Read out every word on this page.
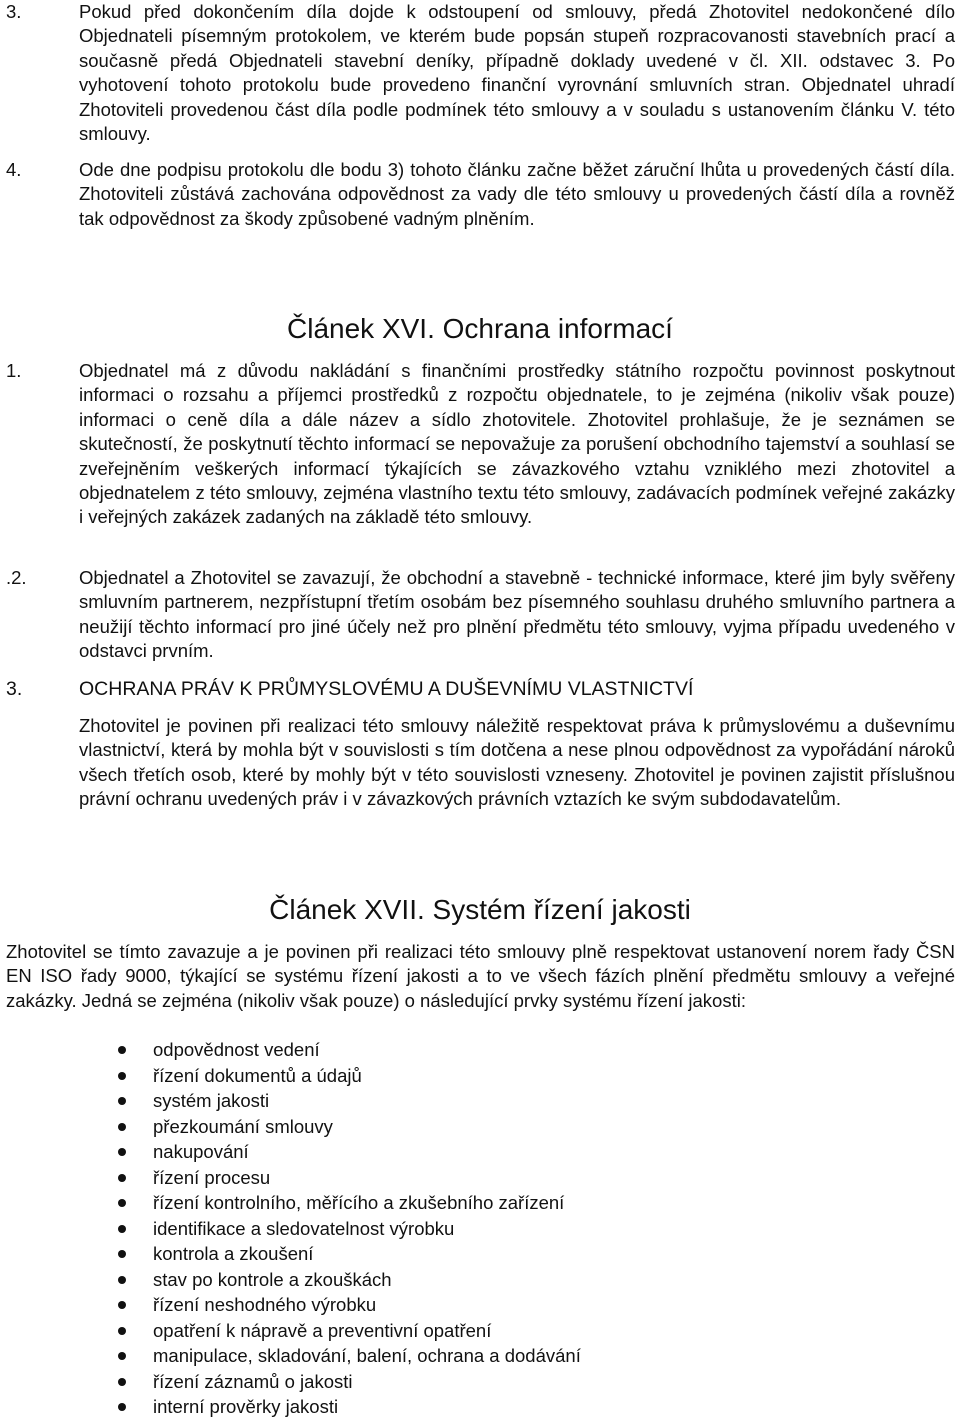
3.	Pokud před dokončením díla dojde k odstoupení od smlouvy, předá Zhotovitel nedokončené dílo Objednateli písemným protokolem, ve kterém bude popsán stupeň rozpracovanosti stavebních prací a současně předá Objednateli stavební deníky, případně doklady uvedené v čl. XII. odstavec 3. Po vyhotovení tohoto protokolu bude provedeno finanční vyrovnání smluvních stran. Objednatel uhradí Zhotoviteli provedenou část díla podle podmínek této smlouvy a v souladu s ustanovením článku V. této smlouvy.
4.	Ode dne podpisu protokolu dle bodu 3) tohoto článku začne běžet záruční lhůta u provedených částí díla. Zhotoviteli zůstává zachována odpovědnost za vady dle této smlouvy u provedených částí díla a rovněž tak odpovědnost za škody způsobené vadným plněním.
Článek XVI. Ochrana informací
1.	Objednatel má z důvodu nakládání s finančními prostředky státního rozpočtu povinnost poskytnout informaci o rozsahu a příjemci prostředků z rozpočtu objednatele, to je zejména (nikoliv však pouze) informaci o ceně díla a dále název a sídlo zhotovitele. Zhotovitel prohlašuje, že je seznámen se skutečností, že poskytnutí těchto informací se nepovažuje za porušení obchodního tajemství a souhlasí se zveřejněním veškerých informací týkajících se závazkového vztahu vzniklého mezi zhotovitel a objednatelem z této smlouvy, zejména vlastního textu této smlouvy, zadávacích podmínek veřejné zakázky i veřejných zakázek zadaných na základě této smlouvy.
.2.	Objednatel a Zhotovitel se zavazují, že obchodní a stavebně - technické informace, které jim byly svěřeny smluvním partnerem, nezpřístupní třetím osobám bez písemného souhlasu druhého smluvního partnera a neužijí těchto informací pro jiné účely než pro plnění předmětu této smlouvy, vyjma případu uvedeného v odstavci prvním.
3.	OCHRANA PRÁV K PRŮMYSLOVÉMU A DUŠEVNÍMU VLASTNICTVÍ
Zhotovitel je povinen při realizaci této smlouvy náležitě respektovat práva k průmyslovému a duševnímu vlastnictví, která by mohla být v souvislosti s tím dotčena a nese plnou odpovědnost za vypořádání nároků všech třetích osob, které by mohly být v této souvislosti vzneseny. Zhotovitel je povinen zajistit příslušnou právní ochranu uvedených práv i v závazkových právních vztazích ke svým subdodavatelům.
Článek XVII. Systém řízení jakosti
Zhotovitel se tímto zavazuje a je povinen při realizaci této smlouvy plně respektovat ustanovení norem řady ČSN EN ISO řady 9000, týkající se systému řízení jakosti a to ve všech fázích plnění předmětu smlouvy a veřejné zakázky. Jedná se zejména (nikoliv však pouze) o následující prvky systému řízení jakosti:
odpovědnost vedení
řízení dokumentů a údajů
systém jakosti
přezkoumání smlouvy
nakupování
řízení procesu
řízení kontrolního, měřícího a zkušebního zařízení
identifikace a sledovatelnost výrobku
kontrola a zkoušení
stav po kontrole a zkouškách
řízení neshodného výrobku
opatření k nápravě a preventivní opatření
manipulace, skladování, balení, ochrana a dodávání
řízení záznamů o jakosti
interní prověrky jakosti
